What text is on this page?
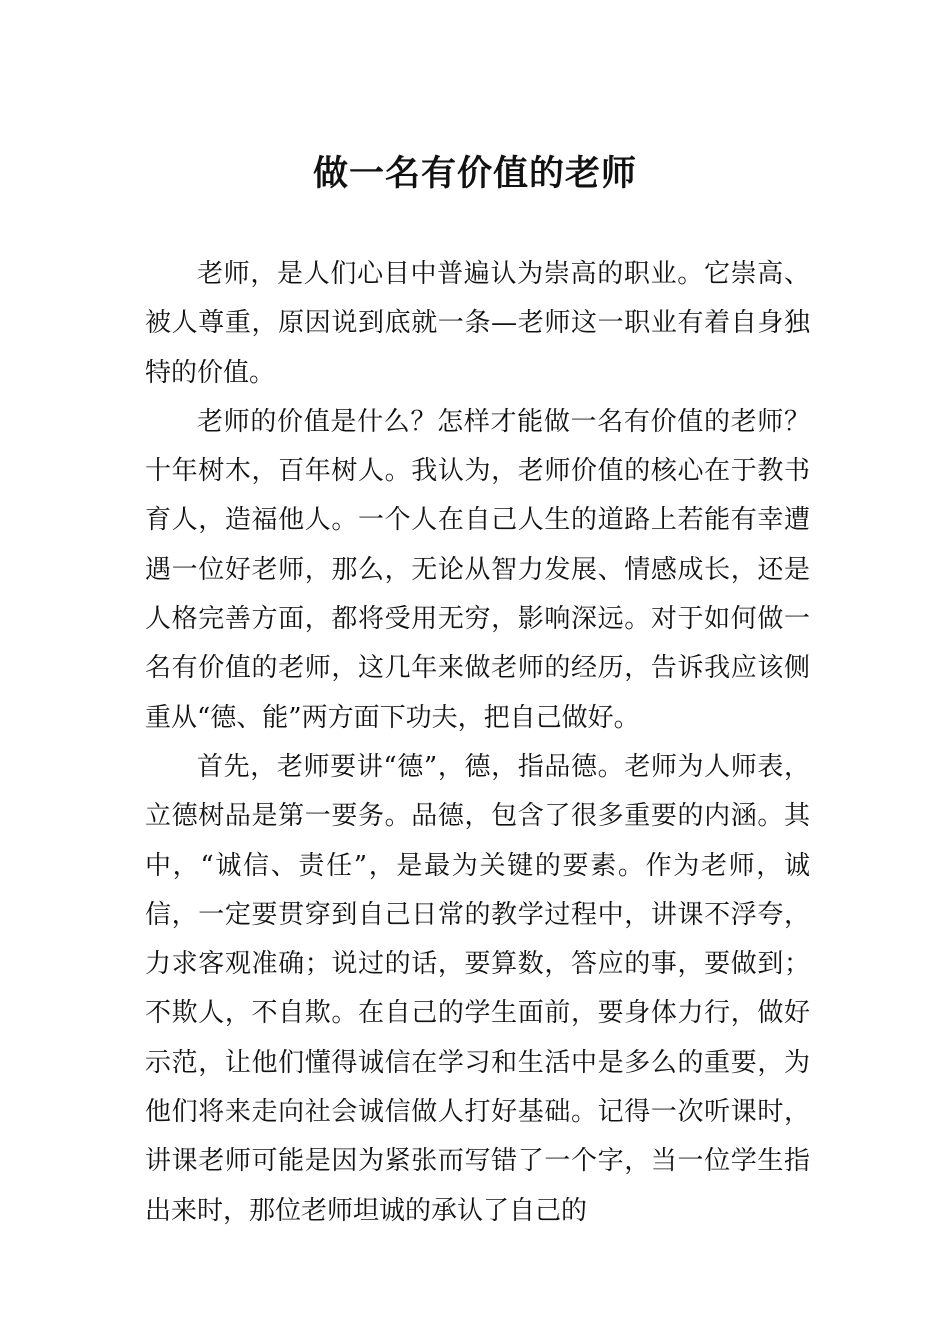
做一名有价值的老师

老师，是人们心目中普遍认为崇高的职业。它崇高、被人尊重，原因说到底就一条—老师这一职业有着自身独特的价值。

老师的价值是什么？怎样才能做一名有价值的老师？十年树木，百年树人。我认为，老师价值的核心在于教书育人，造福他人。一个人在自己人生的道路上若能有幸遭遇一位好老师，那么，无论从智力发展、情感成长，还是人格完善方面，都将受用无穷，影响深远。对于如何做一名有价值的老师，这几年来做老师的经历，告诉我应该侧重从“德、能”两方面下功夫，把自己做好。

首先，老师要讲“德”，德，指品德。老师为人师表，立德树品是第一要务。品德，包含了很多重要的内涵。其中，“诚信、责任”，是最为关键的要素。作为老师，诚信，一定要贯穿到自己日常的教学过程中，讲课不浮夸，力求客观准确；说过的话，要算数，答应的事，要做到；不欺人，不自欺。在自己的学生面前，要身体力行，做好示范，让他们懂得诚信在学习和生活中是多么的重要，为他们将来走向社会诚信做人打好基础。记得一次听课时，讲课老师可能是因为紧张而写错了一个字，当一位学生指出来时，那位老师坦诚的承认了自己的
